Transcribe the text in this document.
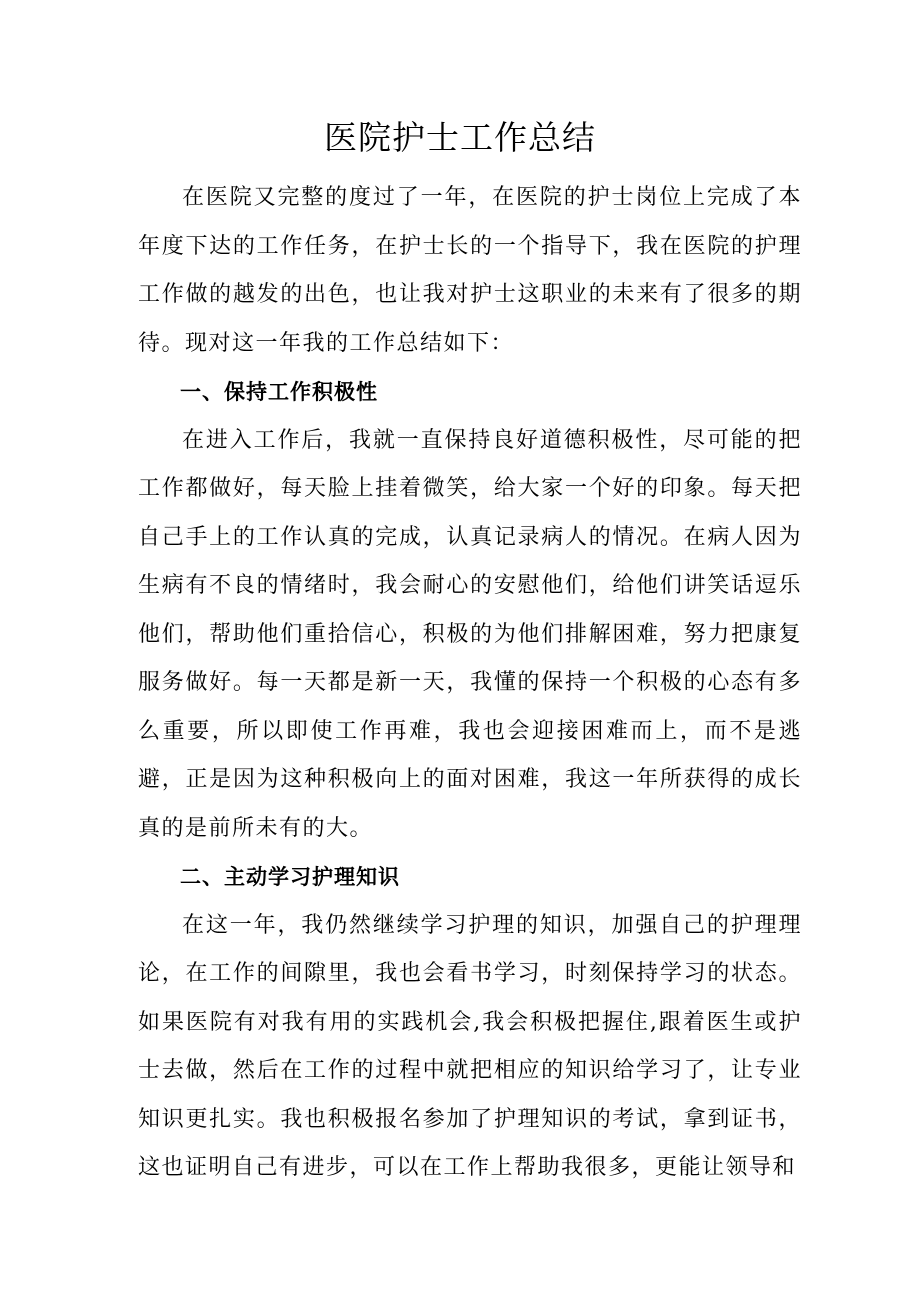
医院护士工作总结

在医院又完整的度过了一年，在医院的护士岗位上完成了本年度下达的工作任务，在护士长的一个指导下，我在医院的护理工作做的越发的出色，也让我对护士这职业的未来有了很多的期待。现对这一年我的工作总结如下：

一、保持工作积极性

在进入工作后，我就一直保持良好道德积极性，尽可能的把工作都做好，每天脸上挂着微笑，给大家一个好的印象。每天把自己手上的工作认真的完成，认真记录病人的情况。在病人因为生病有不良的情绪时，我会耐心的安慰他们，给他们讲笑话逗乐他们，帮助他们重拾信心，积极的为他们排解困难，努力把康复服务做好。每一天都是新一天，我懂的保持一个积极的心态有多么重要，所以即使工作再难，我也会迎接困难而上，而不是逃避，正是因为这种积极向上的面对困难，我这一年所获得的成长真的是前所未有的大。

二、主动学习护理知识

在这一年，我仍然继续学习护理的知识，加强自己的护理理论，在工作的间隙里，我也会看书学习，时刻保持学习的状态。如果医院有对我有用的实践机会,我会积极把握住,跟着医生或护士去做，然后在工作的过程中就把相应的知识给学习了，让专业知识更扎实。我也积极报名参加了护理知识的考试，拿到证书，这也证明自己有进步，可以在工作上帮助我很多，更能让领导和
